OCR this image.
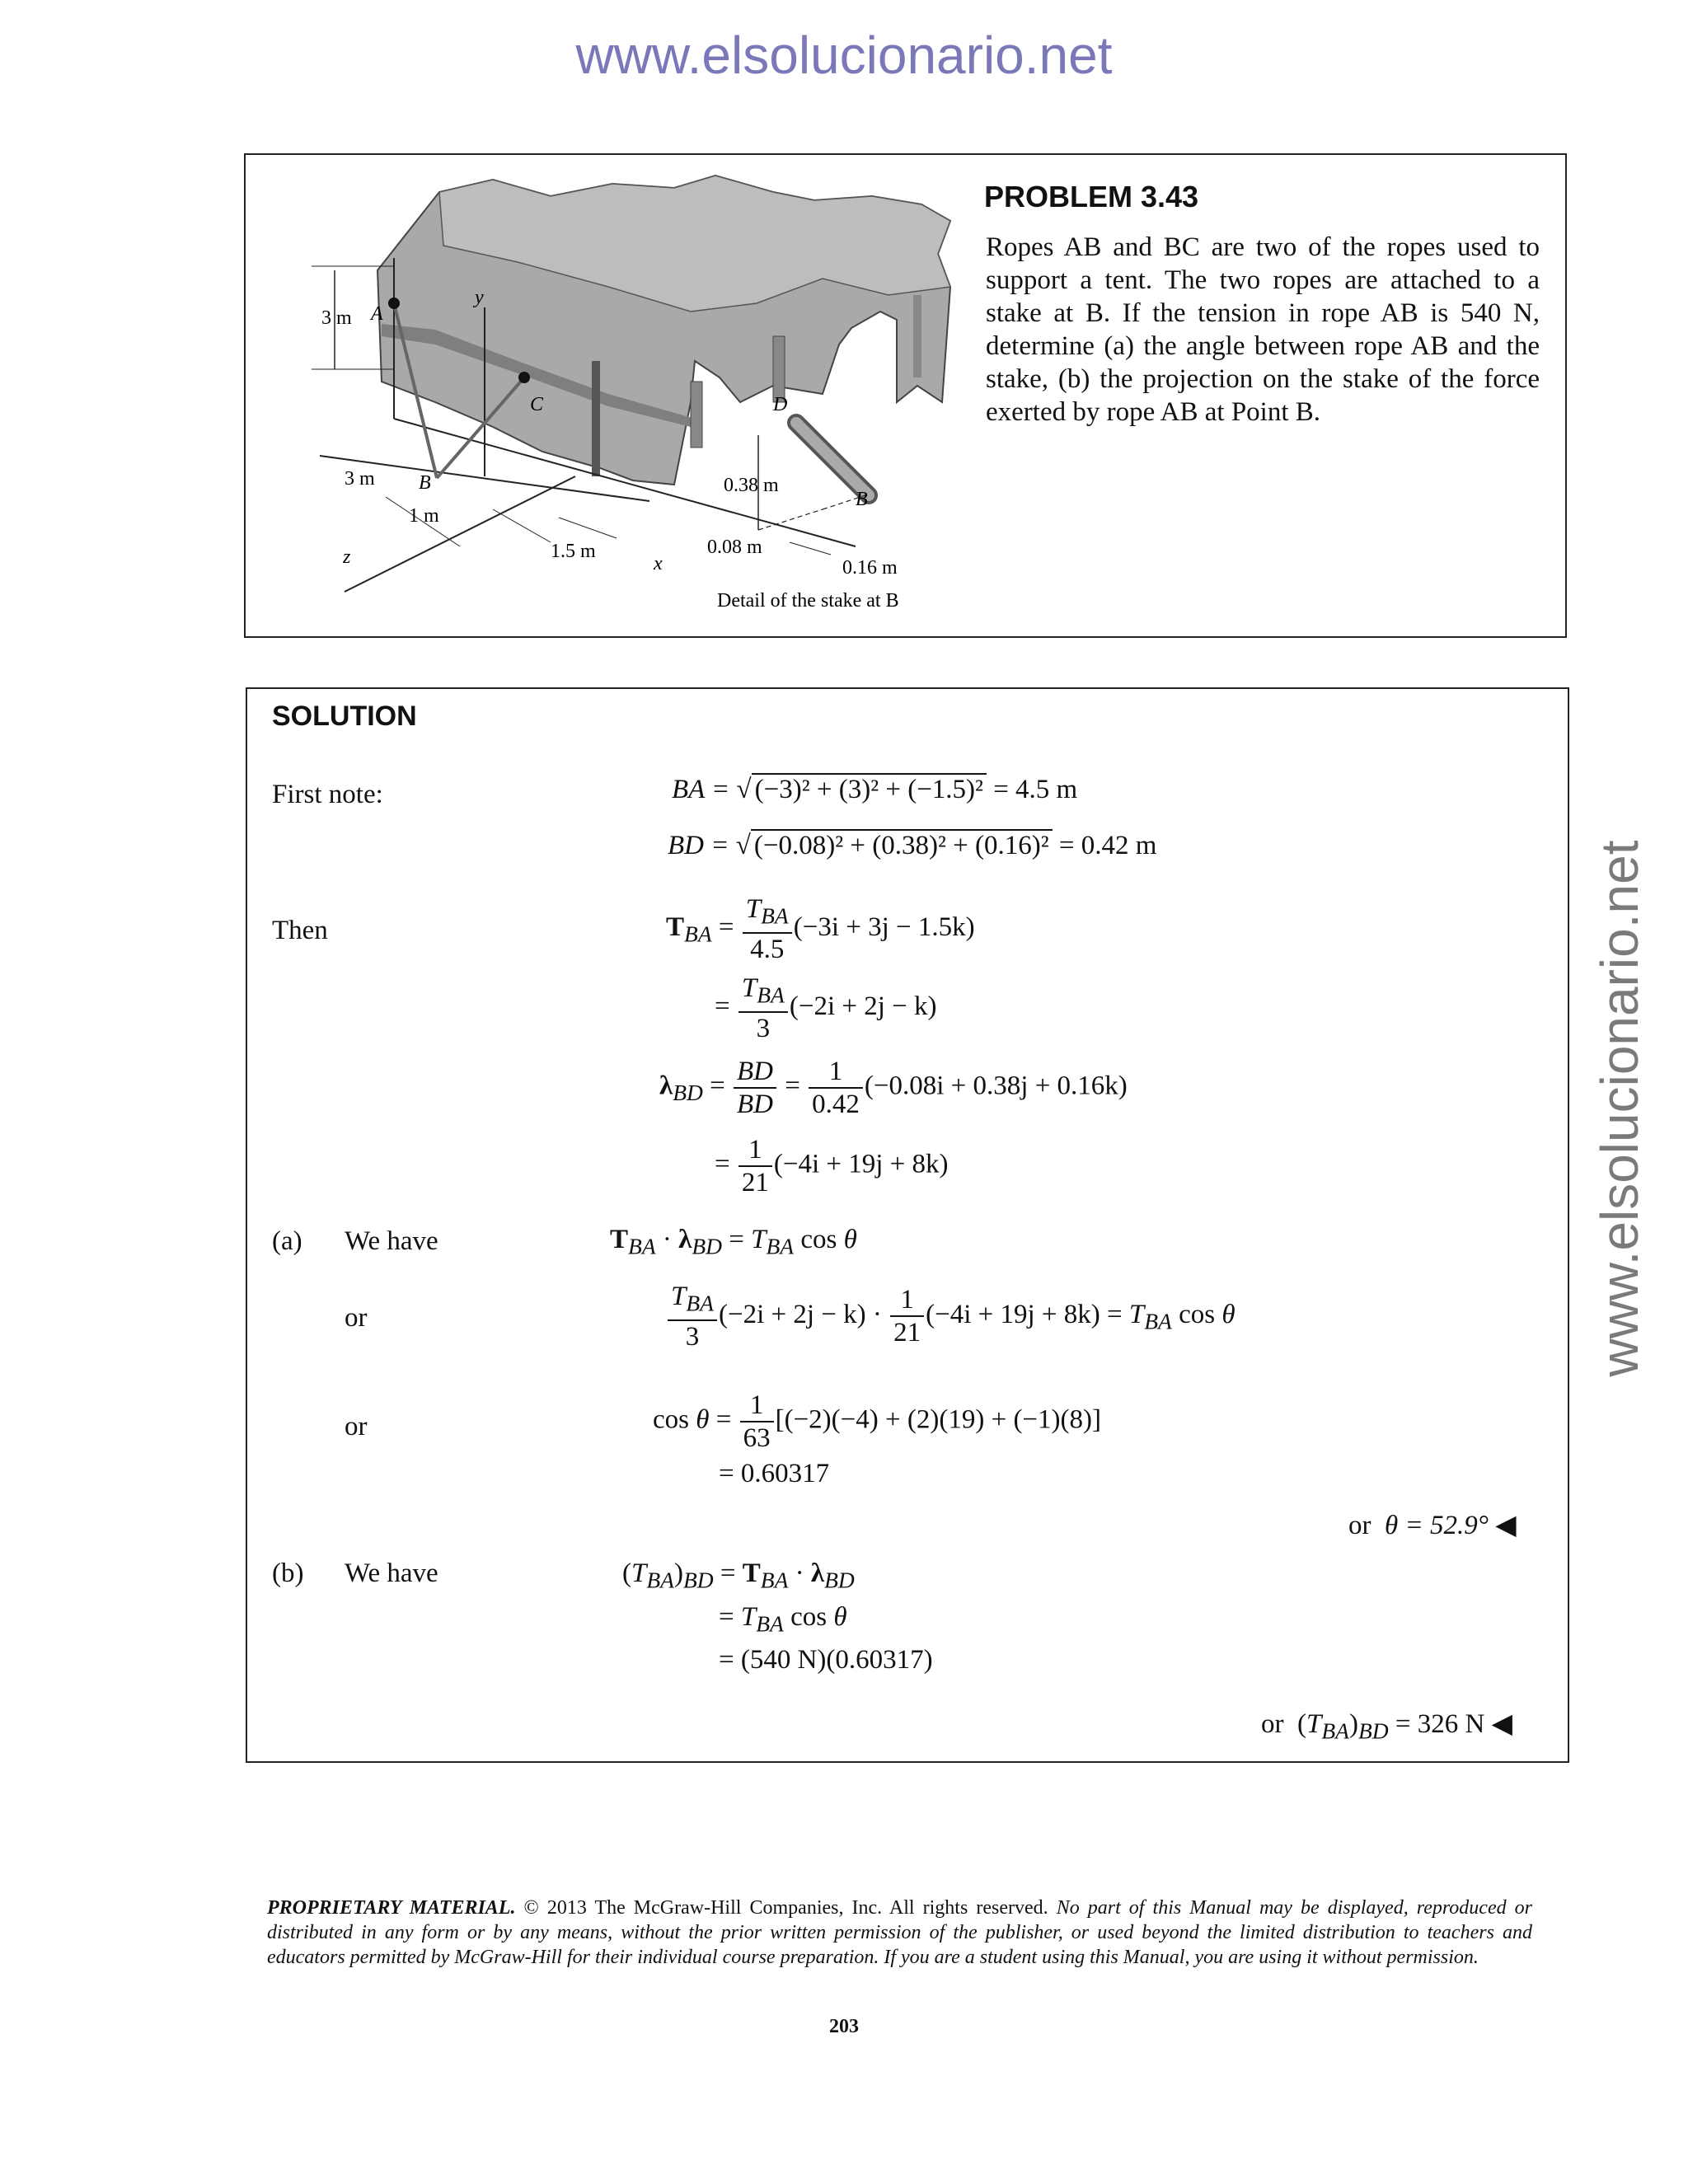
www.elsolucionario.net
www.elsolucionario.net
3 m A
y
C
3 m B
1 m
1.5 m
z	x
D
0.38 m
B
0.08 m
0.16 m
Detail of the stake at B
PROBLEM 3.43
Ropes AB and BC are two of the ropes used to support a tent. The two ropes are attached to a stake at B. If the tension in rope AB is 540 N, determine (a) the angle between rope AB and the stake, (b) the projection on the stake of the force exerted by rope AB at Point B.
SOLUTION
First note:	BA = √ (−3)² + (3)² + (−1.5)² = 4.5 m
BD = √ (−0.08)² + (0.38)² + (0.16)² = 0.42 m
Then	$T_{BA} = \frac{T_{BA}}{4.5} (-3i + 3j - 1.5k)$
= $\frac{T_{BA}}{3} (-2i + 2j - k)$
$\lambda_{BD} = \frac{BD}{BD} = \frac{1}{0.42} (-0.08i + 0.38j + 0.16k)$
= $\frac{1}{21} (-4i + 19j + 8k)$
(a) We have	$T_{BA} \cdot \lambda_{BD} = T_{BA}$ cos θ
or	$\frac{T_{BA}}{3} (-2i + 2j - k) \cdot \frac{1}{21} (-4i + 19j + 8k) = T_{BA}$ cos θ
or	$\cos \theta = \frac{1}{63} [(-2)(-4) + (2)(19) + (-1)(8)]$
= 0.60317
or θ = 52.9° ◀
(b) We have	$(T_{BA})_{BD} = T_{BA} \cdot \lambda_{BD}$
= $T_{BA}$ cos θ
= (540 N)(0.60317)
or  $(T_{BA})_{BD} = 326$ N ◀
PROPRIETARY MATERIAL. © 2013 The McGraw-Hill Companies, Inc. All rights reserved. No part of this Manual may be displayed, reproduced or distributed in any form or by any means, without the prior written permission of the publisher, or used beyond the limited distribution to teachers and educators permitted by McGraw-Hill for their individual course preparation. If you are a student using this Manual, you are using it without permission.
203
